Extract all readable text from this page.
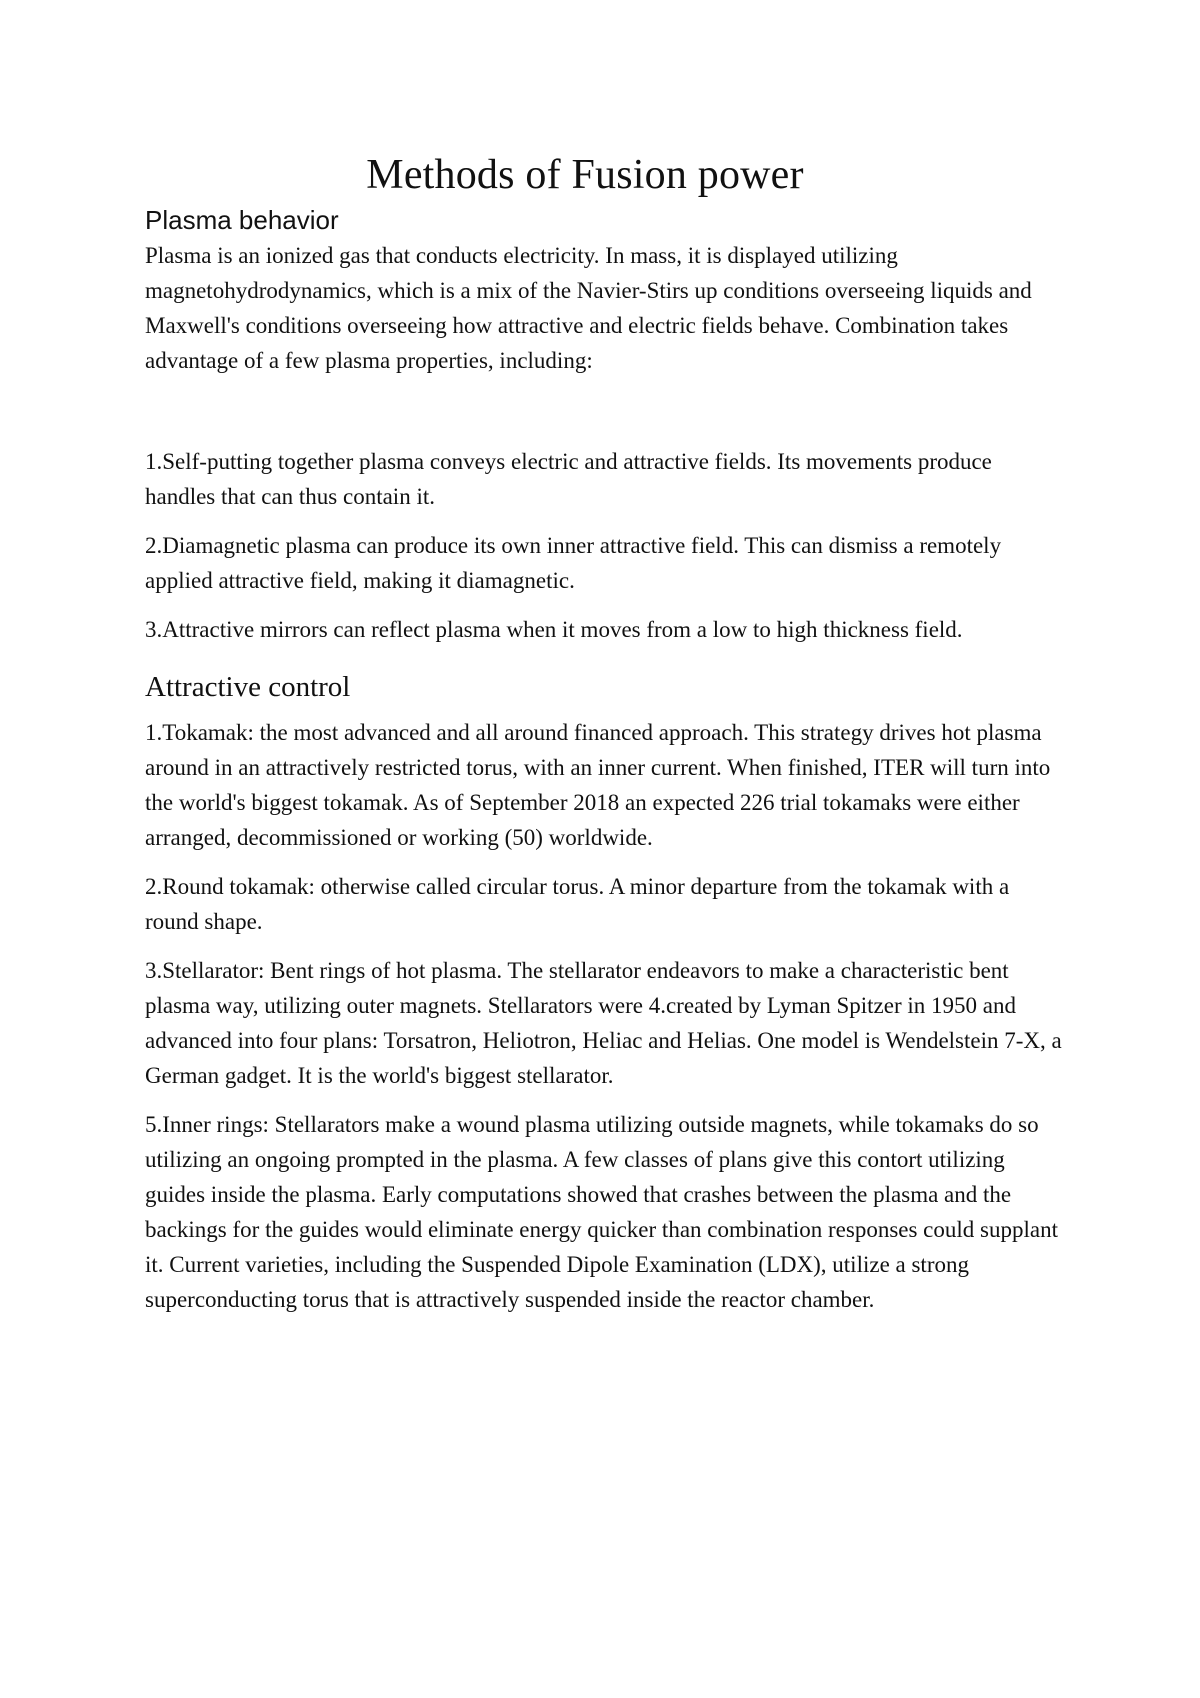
Methods of Fusion power
Plasma behavior

Plasma is an ionized gas that conducts electricity. In mass, it is displayed utilizing magnetohydrodynamics, which is a mix of the Navier-Stirs up conditions overseeing liquids and Maxwell's conditions overseeing how attractive and electric fields behave. Combination takes advantage of a few plasma properties, including:

1.Self-putting together plasma conveys electric and attractive fields. Its movements produce handles that can thus contain it.

2.Diamagnetic plasma can produce its own inner attractive field. This can dismiss a remotely applied attractive field, making it diamagnetic.

3.Attractive mirrors can reflect plasma when it moves from a low to high thickness field.

Attractive control

1.Tokamak: the most advanced and all around financed approach. This strategy drives hot plasma around in an attractively restricted torus, with an inner current. When finished, ITER will turn into the world's biggest tokamak. As of September 2018 an expected 226 trial tokamaks were either arranged, decommissioned or working (50) worldwide.

2.Round tokamak: otherwise called circular torus. A minor departure from the tokamak with a round shape.

3.Stellarator: Bent rings of hot plasma. The stellarator endeavors to make a characteristic bent plasma way, utilizing outer magnets. Stellarators were 4.created by Lyman Spitzer in 1950 and advanced into four plans: Torsatron, Heliotron, Heliac and Helias. One model is Wendelstein 7-X, a German gadget. It is the world's biggest stellarator.

5.Inner rings: Stellarators make a wound plasma utilizing outside magnets, while tokamaks do so utilizing an ongoing prompted in the plasma. A few classes of plans give this contort utilizing guides inside the plasma. Early computations showed that crashes between the plasma and the backings for the guides would eliminate energy quicker than combination responses could supplant it. Current varieties, including the Suspended Dipole Examination (LDX), utilize a strong superconducting torus that is attractively suspended inside the reactor chamber.
